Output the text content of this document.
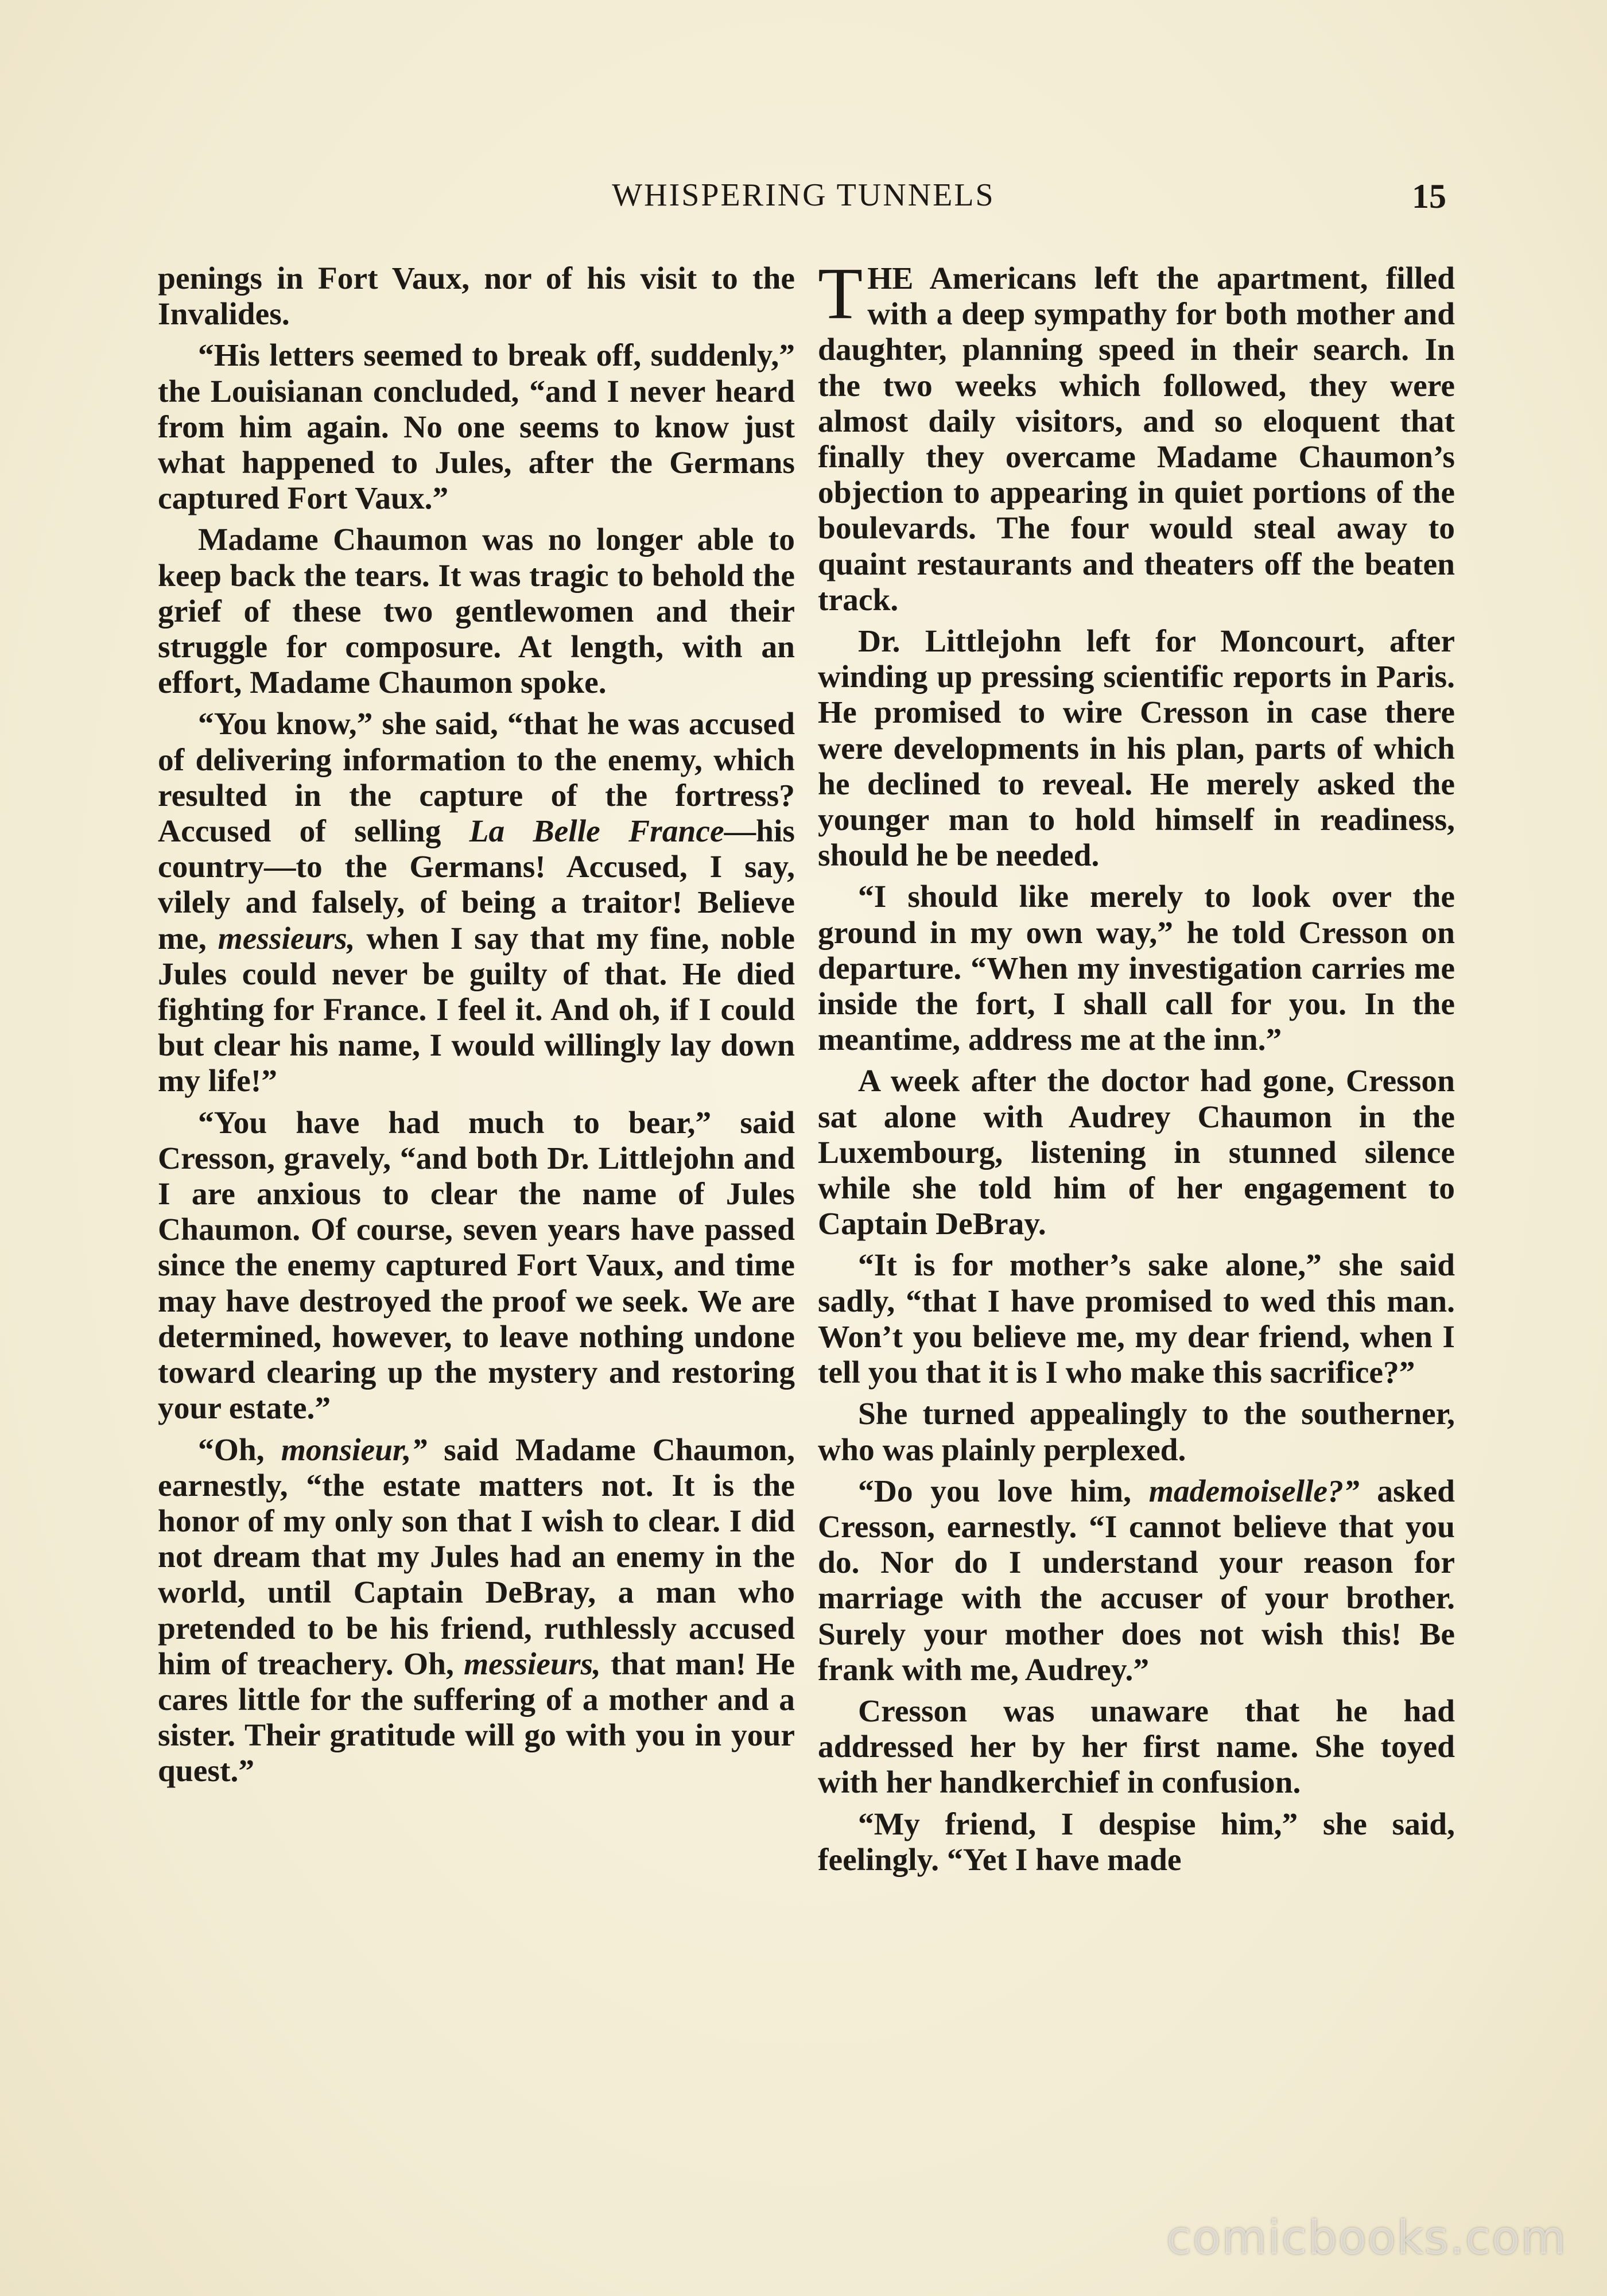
WHISPERING TUNNELS	15

penings in Fort Vaux, nor of his visit to the Invalides.

“His letters seemed to break off, suddenly,” the Louisianan concluded, “and I never heard from him again. No one seems to know just what happened to Jules, after the Germans captured Fort Vaux.”

Madame Chaumon was no longer able to keep back the tears. It was tragic to behold the grief of these two gentlewomen and their struggle for composure. At length, with an effort, Madame Chaumon spoke.

“You know,” she said, “that he was accused of delivering information to the enemy, which resulted in the capture of the fortress? Accused of selling La Belle France—his country—to the Germans! Accused, I say, vilely and falsely, of being a traitor! Believe me, messieurs, when I say that my fine, noble Jules could never be guilty of that. He died fighting for France. I feel it. And oh, if I could but clear his name, I would willingly lay down my life!”

“You have had much to bear,” said Cresson, gravely, “and both Dr. Littlejohn and I are anxious to clear the name of Jules Chaumon. Of course, seven years have passed since the enemy captured Fort Vaux, and time may have destroyed the proof we seek. We are determined, however, to leave nothing undone toward clearing up the mystery and restoring your estate.”

“Oh, monsieur,” said Madame Chaumon, earnestly, “the estate matters not. It is the honor of my only son that I wish to clear. I did not dream that my Jules had an enemy in the world, until Captain DeBray, a man who pretended to be his friend, ruthlessly accused him of treachery. Oh, messieurs, that man! He cares little for the suffering of a mother and a sister. Their gratitude will go with you in your quest.”

THE Americans left the apartment, filled with a deep sympathy for both mother and daughter, planning speed in their search. In the two weeks which followed, they were almost daily visitors, and so eloquent that finally they overcame Madame Chaumon’s objection to appearing in quiet portions of the boulevards. The four would steal away to quaint restaurants and theaters off the beaten track.

Dr. Littlejohn left for Moncourt, after winding up pressing scientific reports in Paris. He promised to wire Cresson in case there were developments in his plan, parts of which he declined to reveal. He merely asked the younger man to hold himself in readiness, should he be needed.

“I should like merely to look over the ground in my own way,” he told Cresson on departure. “When my investigation carries me inside the fort, I shall call for you. In the meantime, address me at the inn.”

A week after the doctor had gone, Cresson sat alone with Audrey Chaumon in the Luxembourg, listening in stunned silence while she told him of her engagement to Captain DeBray.

“It is for mother’s sake alone,” she said sadly, “that I have promised to wed this man. Won’t you believe me, my dear friend, when I tell you that it is I who make this sacrifice?”

She turned appealingly to the southerner, who was plainly perplexed.

“Do you love him, mademoiselle?” asked Cresson, earnestly. “I cannot believe that you do. Nor do I understand your reason for marriage with the accuser of your brother. Surely your mother does not wish this! Be frank with me, Audrey.”

Cresson was unaware that he had addressed her by her first name. She toyed with her handkerchief in confusion.

“My friend, I despise him,” she said, feelingly. “Yet I have made

comicbooks.com
